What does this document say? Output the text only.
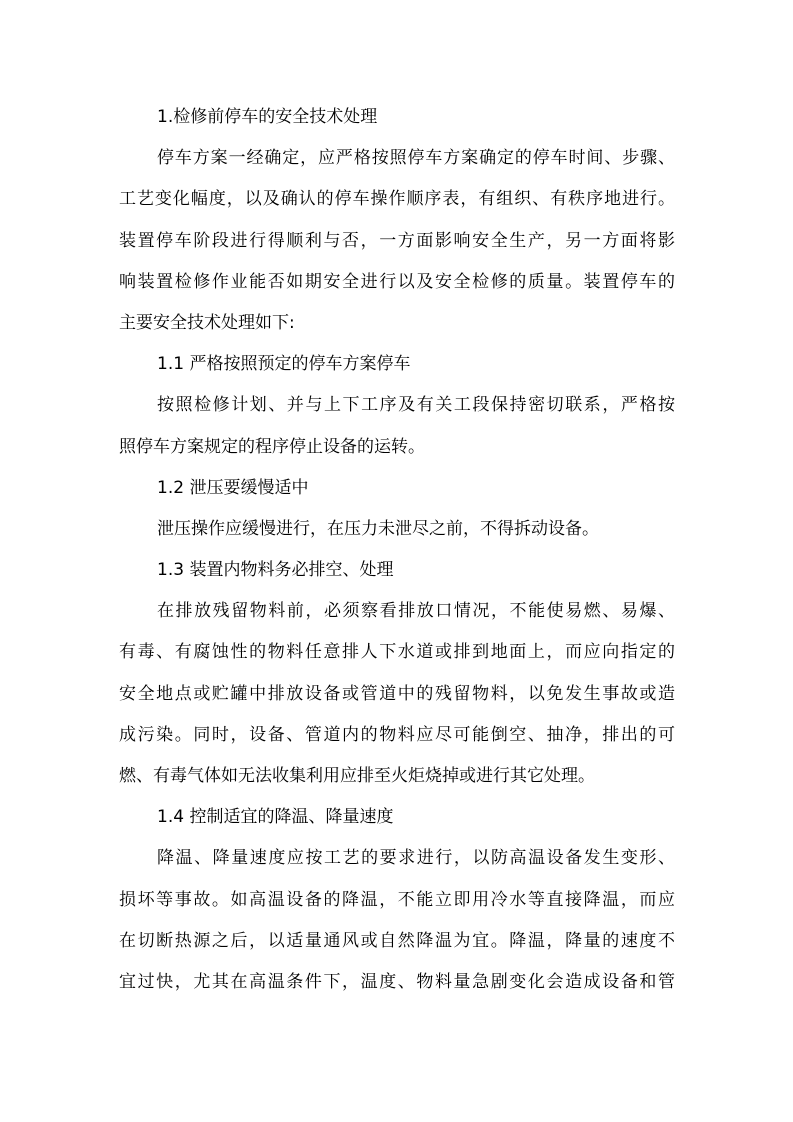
1.检修前停车的安全技术处理
停车方案一经确定，应严格按照停车方案确定的停车时间、步骤、
工艺变化幅度，以及确认的停车操作顺序表，有组织、有秩序地进行。
装置停车阶段进行得顺利与否，一方面影响安全生产，另一方面将影
响装置检修作业能否如期安全进行以及安全检修的质量。装置停车的
主要安全技术处理如下:
1.1 严格按照预定的停车方案停车
按照检修计划、并与上下工序及有关工段保持密切联系，严格按
照停车方案规定的程序停止设备的运转。
1.2 泄压要缓慢适中
泄压操作应缓慢进行，在压力未泄尽之前，不得拆动设备。
1.3 装置内物料务必排空、处理
在排放残留物料前，必须察看排放口情况，不能使易燃、易爆、
有毒、有腐蚀性的物料任意排人下水道或排到地面上，而应向指定的
安全地点或贮罐中排放设备或管道中的残留物料，以免发生事故或造
成污染。同时，设备、管道内的物料应尽可能倒空、抽净，排出的可
燃、有毒气体如无法收集利用应排至火炬烧掉或进行其它处理。
1.4 控制适宜的降温、降量速度
降温、降量速度应按工艺的要求进行，以防高温设备发生变形、
损坏等事故。如高温设备的降温，不能立即用冷水等直接降温，而应
在切断热源之后，以适量通风或自然降温为宜。降温，降量的速度不
宜过快，尤其在高温条件下，温度、物料量急剧变化会造成设备和管
